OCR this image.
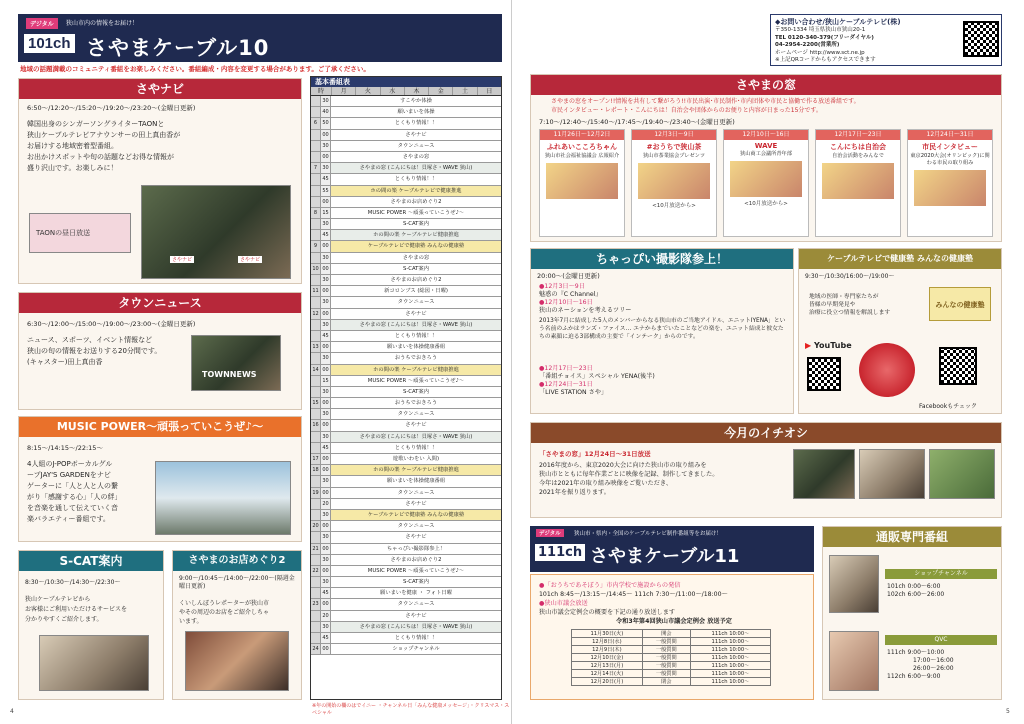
デジタル	狭山市内の情報をお届け！
101ch さやまケーブル10
地域の話題満載のコミュニティ番組をお楽しみください。番組編成・内容を変更する場合があります。ご了承ください。
さやナビ
6:50～/12:20～/15:20～/19:20～/23:20～(金曜日更新)
韓国出身のシンガーソングライターTAONと
狭山ケーブルテレビアナウンサーの田上真由香が
お届けする地域密着型番組。
お出かけスポットや旬の話題などお得な情報が
盛り沢山です。お楽しみに！
TAONの昼日放送
さやナビ	さやナビ
タウンニュース
6:30～/12:00～/15:00～/19:00～/23:00～(金曜日更新)
ニュース、スポーツ、イベント情報など
狭山の旬の情報をお送りする20分間です。
(キャスター)田上真由香
TOWNNEWS
MUSIC POWER～頑張っていこうぜ♪～
8:15～/14:15～/22:15～
4人組のJ-POPボーカルグル
ープJAY'S GARDENをナビ
ゲーターに「人と人と人の繋
がり「感謝する心」「人の絆」
を音楽を通して伝えていく音
楽バラエティー番組です。
S-CAT案内
8:30～/10:30～/14:30～/22:30～
狭山ケーブルテレビから
お客様にご利用いただけるサービスを
分かりやすくご紹介します。
さやまのお店めぐり2
9:00～/10:45～/14:00～/22:00～(隔週金曜日更新)
くいしんぼうレポーターが狭山市
やその周辺のお店をご紹介しちゃ
います。
基本番組表
時	月	火	水	木	金	土	日
30	すこやか体操
40	願いまいを体操
6	50	とくもり情報！！
00	さやナビ
30	タウンニュース
00	さやまの窓
7	30	さやまの窓 (こんにちは！貝塚さ・WAVE 狭山)
45	とくもり情報！！
55	ホの間の楽 ケーブルテレビで健康推進
00	さやまのお店めぐり2
8	15	MUSIC POWER ～頑張っていこうぜ♪～
30	S-CAT案内
45	ホの間の楽 ケーブルテレビ健康推進
9	00	ケーブルテレビで健康塾 みんなの健康塾
30	さやまの窓
10 00	S-CAT案内
30	さやまのお店めぐり2
11 00	新コロンブス (総図・日曜)
30	タウンニュース
12 00	さやナビ
30	さやまの窓 (こんにちは！貝塚さ・WAVE 狭山)
45	とくもり情報！！
13 00	願いまいを体操健康番組
30	おうちでおきろう
14 00	ホの間の楽 ケーブルテレビ健康推進
15	MUSIC POWER ～頑張っていこうぜ♪～
30	S-CAT案内
15 00	おうちでおきろう
30	タウンニュース
16 00	さやナビ
30	さやまの窓 (こんにちは！貝塚さ・WAVE 狭山)
45	とくもり情報！！
17 00	遊歌いわをい 入間)
18 00	ホの間の楽 ケーブルテレビ健康推進
30	願いまいを体操健康番組
19 00	タウンニュース
20	さやナビ
30	ケーブルテレビで健康塾 みんなの健康塾
20 00	タウンニュース
30	さやナビ
21 00	ちゃっぴい撮影隊参上！
30	さやまのお店めぐり2
22 00	MUSIC POWER ～頑張っていこうぜ♪～
30	S-CAT案内
45	願いまいを健康 ・ フォト日曜
23 00	タウンニュース
20	さやナビ
30	さやまの窓 (こんにちは！貝塚さ・WAVE 狭山)
45	とくもり情報！！
24 00	ショップチャンネル
※年の開始の欄のはでイニー ・チャンネル日「みんな健康メッセージ」・クリスマス・スペシャル
4
◆お問い合わせ/狭山ケーブルテレビ(株)
〒350-1334 埼玉県狭山市狭山20-1
TEL 0120-340-379(フリーダイヤル)
04-2954-2200(営業所)
ホームページ http://www.sct.ne.jp
※上記QRコードからもアクセスできます
さやまの窓
さやまの窓をオープン!!情報を共有して繋がろう!!市民出演･市民制作･市内団体や市民と協働で作る放送番組です。
市民インタビュー・レポート・こんにちは！自治会や団体からのお便りと内容が日まった15分です。
7:10～/12:40～/15:40～/17:45～/19:40～/23:40～(金曜日更新)
11月26日～12月2日
ふれあいこころちゃん
狭山市社会福祉協議会 広報紹介
12月3日～9日
#おうちで狭山茶
狭山市茶業協会プレゼンツ
<10月放送から>
12月10日～16日
WAVE
狭山商工会議所青年部
<10月放送から>
12月17日～23日
こんにちは自治会
自治会活動をみんなで
12月24日～31日
市民インタビュー
東京2020大会(オリンピック)に関わる市民の取り組み
ちゃっぴい撮影隊参上！
20:00～(金曜日更新)
●12月3日～9日
魅惑の『C Channel』
●12月10日～16日
狭山のネーションを考えるツリー
2013年7月に結成した5人のメンバーからなる狭山市のご当地アイドル、エニットIYENA」という名前のふかはランズ・ファイス… エナからまでいたことなどの楽を、ユニット結成と彼女たちの素顔に迫る3部構成の主要で「インテーク」からのです。
●12月17日～23日
「番組チョイス」スペシャル YENA(後半)
●12月24日～31日
「LIVE STATION さや」
ケーブルテレビで健康塾 みんなの健康塾
9:30～/10:30/16:00～/19:00～
地域の医師・専門家たちが
皆様の早期発見や
治療に役立つ情報を解説します
みんなの健康塾
▶ YouTube
Facebookもチェック
今月のイチオシ
「さやまの窓」12月24日～31日放送
2016年度から、東京2020大会に向けた狭山市の取り組みを
狭山市とともに毎年作業ごとに映像を記録、制作してきました。
今年は2021年の取り組み映像をご覧いただき、
2021年を振り返ります。
デジタル	狭山市・県内・全国のケーブルテレビ制作番組等をお届け！
111ch さやまケーブル11
●「おうちであそぼう」市内学校で施設からの発信
101ch 8:45～/13:15～/14:45～ 111ch 7:30～/11:00～/18:00～
●狭山市議会放送
狭山市議会定例会の概要を下記の通り放送します
令和3年第4回狭山市議会定例会 放送予定
11月30日(火)	開会	111ch 10:00～
12月8日(水)	一般質問	111ch 10:00～
12月9日(木)	一般質問	111ch 10:00～
12月10日(金)	一般質問	111ch 10:00～
12月13日(月)	一般質問	111ch 10:00～
12月14日(火)	一般質問	111ch 10:00～
12月20日(月)	閉会	111ch 10:00～
通販専門番組
ショップチャンネル
101ch 0:00～6:00
102ch 6:00～26:00
QVC
111ch 9:00～10:00
17:00～16:00
26:00～26:00
112ch 6:00～9:00
5
